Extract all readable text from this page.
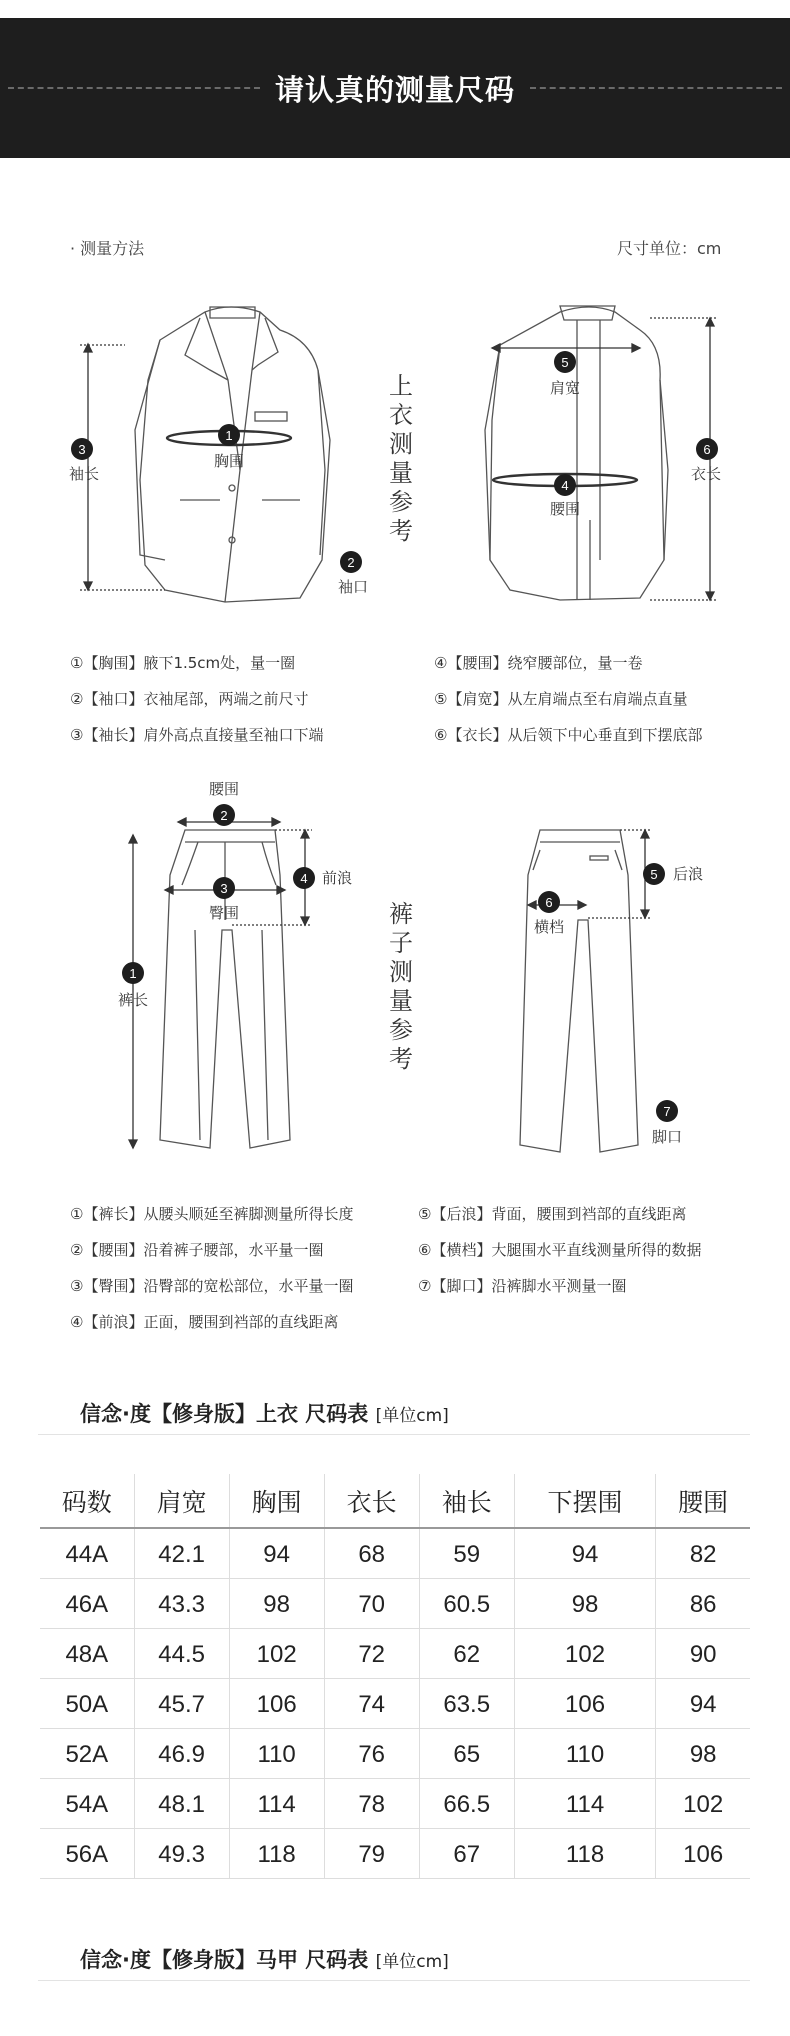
请认真的测量尺码
· 测量方法	尺寸单位：cm
1
2
3
4
5
6
胸围
袖口
袖长
腰围
肩宽
衣长
上衣测量参考
①【胸围】腋下1.5cm处，量一圈
②【袖口】衣袖尾部，两端之前尺寸
③【袖长】肩外高点直接量至袖口下端
④【腰围】绕窄腰部位，量一卷
⑤【肩宽】从左肩端点至右肩端点直量
⑥【衣长】从后领下中心垂直到下摆底部
1
2
3
4	5
6
7
裤长
腰围
臀围
前浪	后浪
横档
脚口
裤子测量参考
①【裤长】从腰头顺延至裤脚测量所得长度
②【腰围】沿着裤子腰部，水平量一圈
③【臀围】沿臀部的宽松部位，水平量一圈
④【前浪】正面，腰围到裆部的直线距离
⑤【后浪】背面，腰围到裆部的直线距离
⑥【横档】大腿围水平直线测量所得的数据
⑦【脚口】沿裤脚水平测量一圈
信念·度【修身版】上衣 尺码表 [单位cm]
码数	肩宽	胸围	衣长	袖长	下摆围	腰围
44A	42.1	94	68	59	94	82
46A	43.3	98	70	60.5	98	86
48A	44.5	102	72	62	102	90
50A	45.7	106	74	63.5	106	94
52A	46.9	110	76	65	110	98
54A	48.1	114	78	66.5	114	102
56A	49.3	118	79	67	118	106
信念·度【修身版】马甲 尺码表 [单位cm]
